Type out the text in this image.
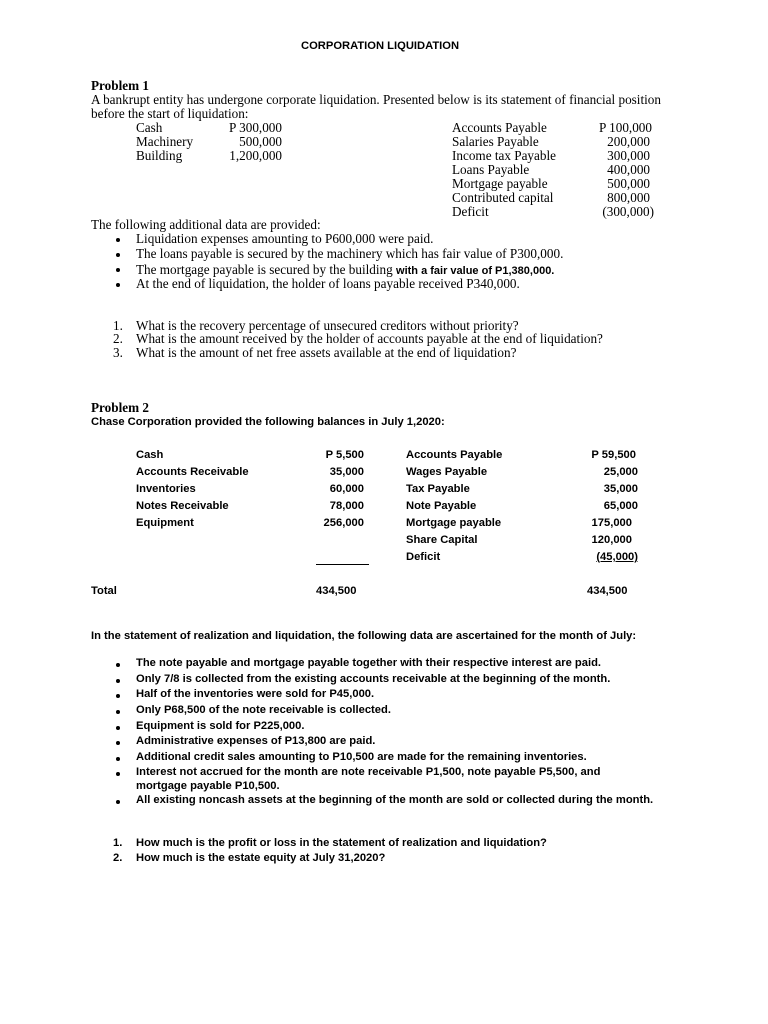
CORPORATION LIQUIDATION
Problem 1
A bankrupt entity has undergone corporate liquidation. Presented below is its statement of financial position
before the start of liquidation:
Cash
Machinery
Building
P 300,000
500,000
1,200,000
Accounts Payable
Salaries Payable
Income tax Payable
Loans Payable
Mortgage payable
Contributed capital
Deficit
P 100,000
200,000
300,000
400,000
500,000
800,000
(300,000)
The following additional data are provided:
Liquidation expenses amounting to P600,000 were paid.
The loans payable is secured by the machinery which has fair value of P300,000.
The mortgage payable is secured by the building with a fair value of P1,380,000.
At the end of liquidation, the holder of loans payable received P340,000.
1. What is the recovery percentage of unsecured creditors without priority?
2. What is the amount received by the holder of accounts payable at the end of liquidation?
3. What is the amount of net free assets available at the end of liquidation?
Problem 2
Chase Corporation provided the following balances in July 1,2020:
Cash
Accounts Receivable
Inventories
Notes Receivable
Equipment
P 5,500
35,000
60,000
78,000
256,000
Accounts Payable
Wages Payable
Tax Payable
Note Payable
Mortgage payable
Share Capital
Deficit
P 59,500
25,000
35,000
65,000
175,000
120,000
(45,000)
Total	434,500	434,500
In the statement of realization and liquidation, the following data are ascertained for the month of July:
The note payable and mortgage payable together with their respective interest are paid.
Only 7/8 is collected from the existing accounts receivable at the beginning of the month.
Half of the inventories were sold for P45,000.
Only P68,500 of the note receivable is collected.
Equipment is sold for P225,000.
Administrative expenses of P13,800 are paid.
Additional credit sales amounting to P10,500 are made for the remaining inventories.
Interest not accrued for the month are note receivable P1,500, note payable P5,500, and
mortgage payable P10,500.
All existing noncash assets at the beginning of the month are sold or collected during the month.
1. How much is the profit or loss in the statement of realization and liquidation?
2. How much is the estate equity at July 31,2020?
